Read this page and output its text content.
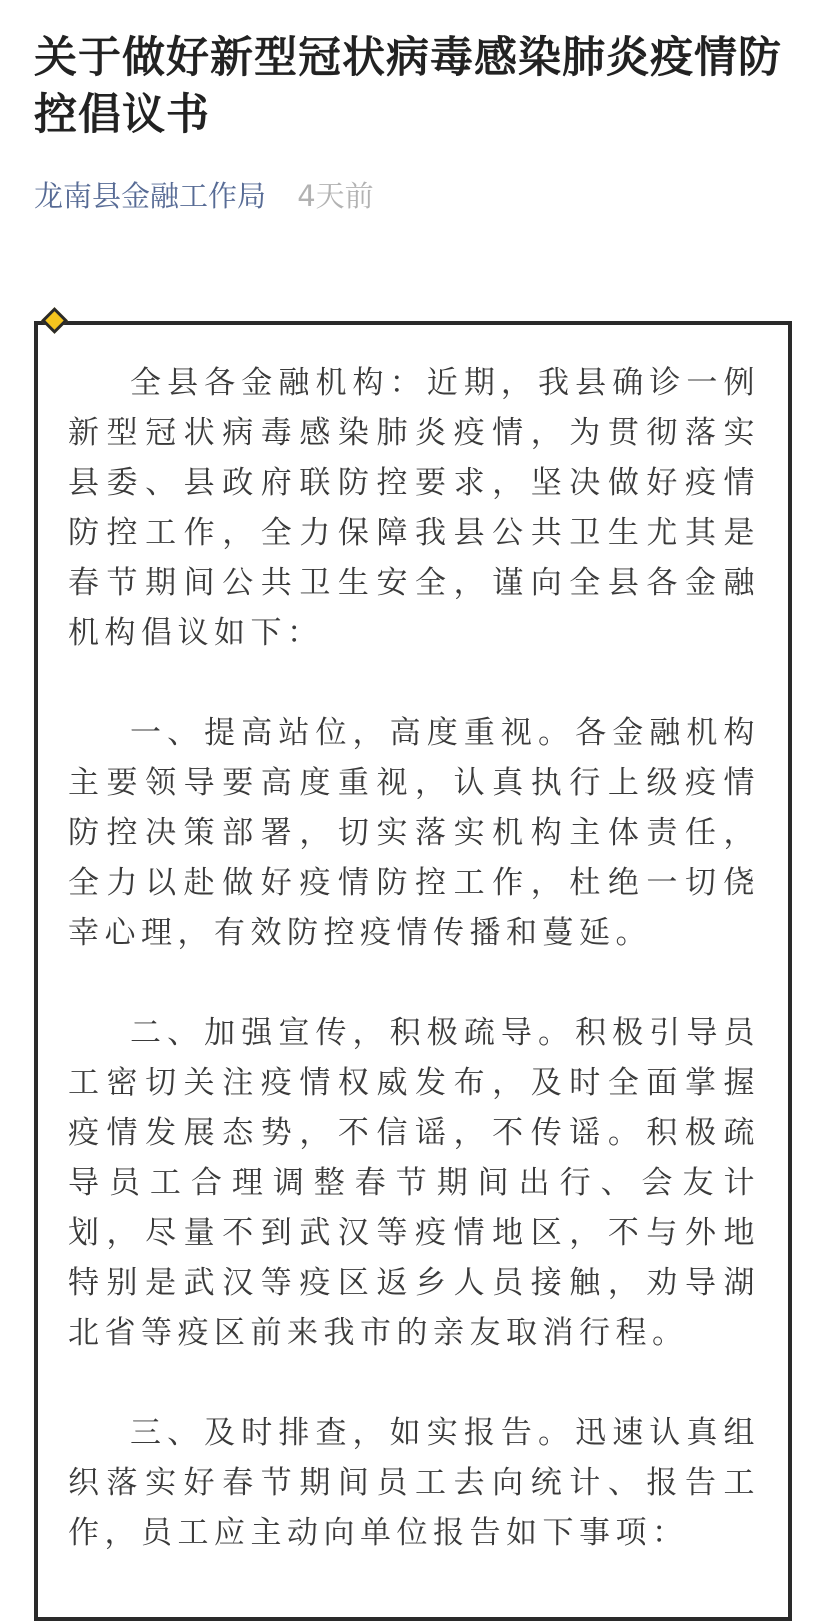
关于做好新型冠状病毒感染肺炎疫情防控倡议书
龙南县金融工作局 4天前

全县各金融机构：近期，我县确诊一例新型冠状病毒感染肺炎疫情，为贯彻落实县委、县政府联防控要求，坚决做好疫情防控工作，全力保障我县公共卫生尤其是春节期间公共卫生安全，谨向全县各金融机构倡议如下：

一、提高站位，高度重视。各金融机构主要领导要高度重视，认真执行上级疫情防控决策部署，切实落实机构主体责任，全力以赴做好疫情防控工作，杜绝一切侥幸心理，有效防控疫情传播和蔓延。

二、加强宣传，积极疏导。积极引导员工密切关注疫情权威发布，及时全面掌握疫情发展态势，不信谣，不传谣。积极疏导员工合理调整春节期间出行、会友计划，尽量不到武汉等疫情地区，不与外地特别是武汉等疫区返乡人员接触，劝导湖北省等疫区前来我市的亲友取消行程。

三、及时排查，如实报告。迅速认真组织落实好春节期间员工去向统计、报告工作，员工应主动向单位报告如下事项：
